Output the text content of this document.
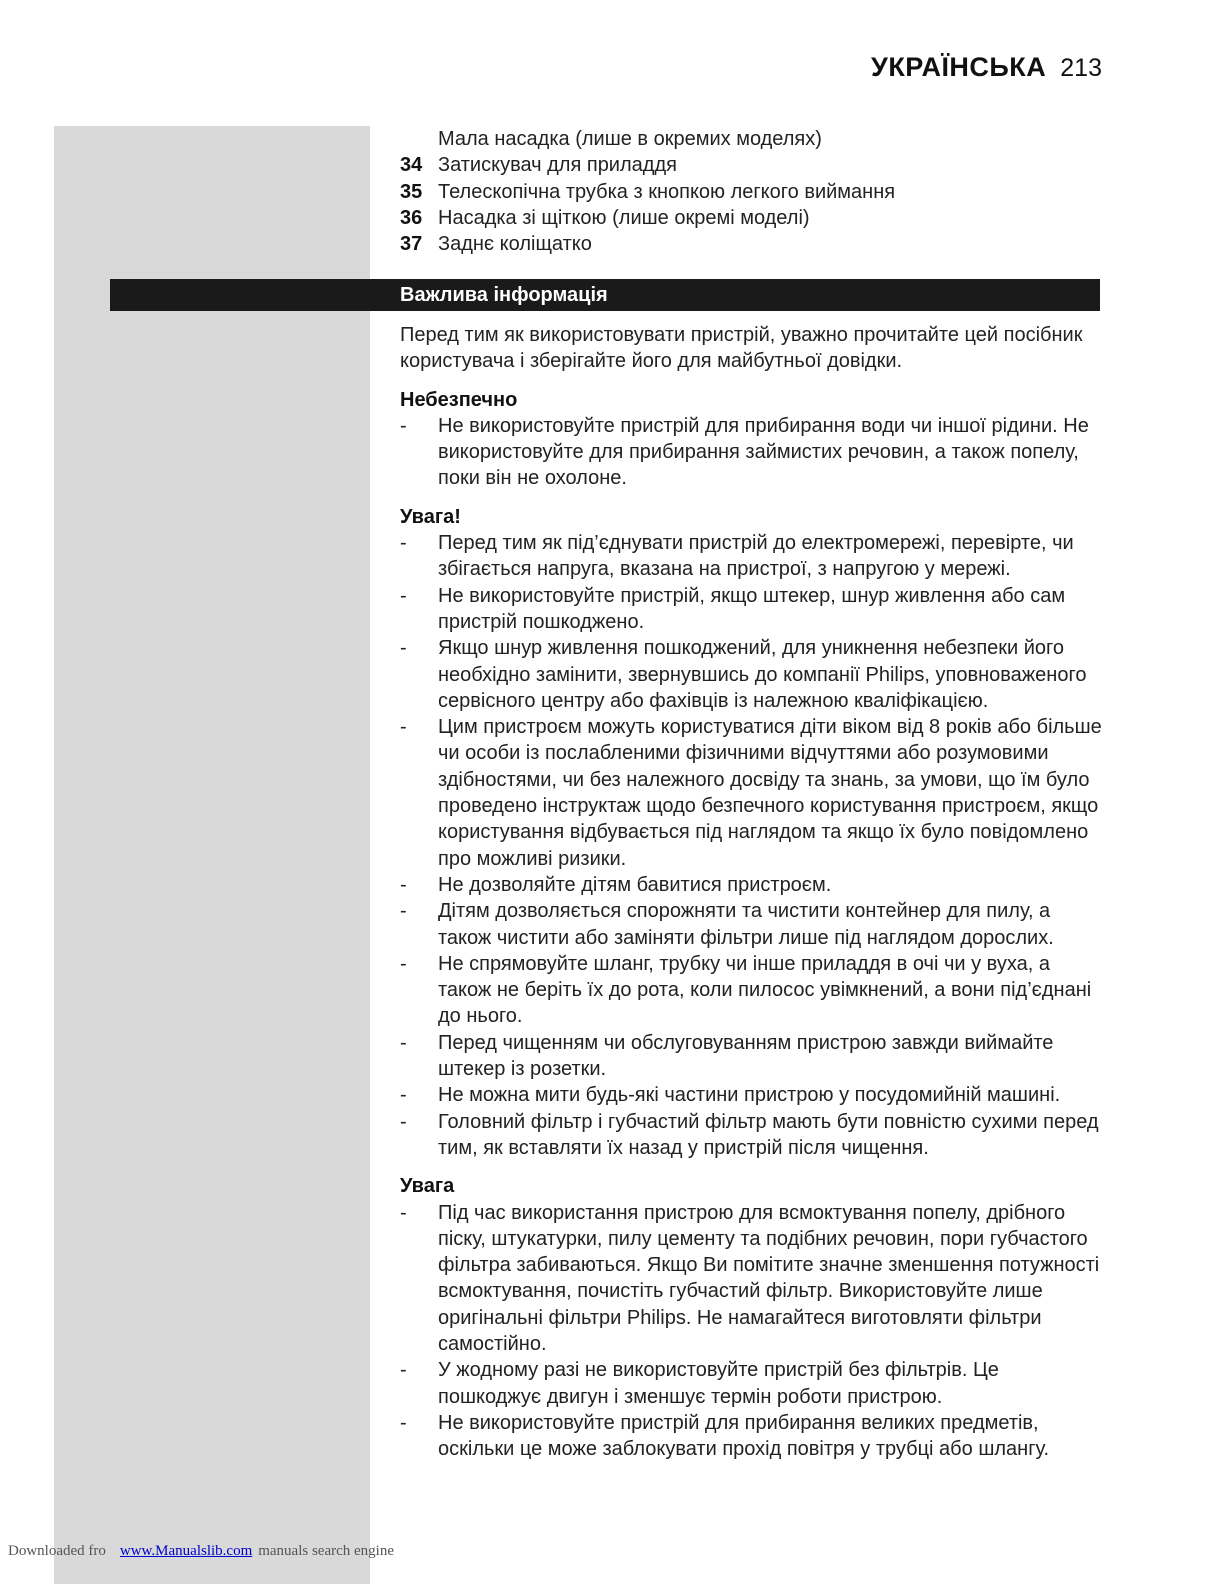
УКРАЇНСЬКА 213
Мала насадка (лише в окремих моделях)
34 Затискувач для приладдя
35 Телескопічна трубка з кнопкою легкого виймання
36 Насадка зі щіткою (лише окремі моделі)
37 Заднє коліщатко
Важлива інформація

Перед тим як використовувати пристрій, уважно прочитайте цей посібник користувача і зберігайте його для майбутньої довідки.

Небезпечно
-	Не використовуйте пристрій для прибирання води чи іншої рідини. Не використовуйте для прибирання займистих речовин, а також попелу, поки він не охолоне.
Увага!
-	Перед тим як під’єднувати пристрій до електромережі, перевірте, чи збігається напруга, вказана на пристрої, з напругою у мережі.
-	Не використовуйте пристрій, якщо штекер, шнур живлення або сам пристрій пошкоджено.
-	Якщо шнур живлення пошкоджений, для уникнення небезпеки його необхідно замінити, звернувшись до компанії Philips, уповноваженого сервісного центру або фахівців із належною кваліфікацією.
-	Цим пристроєм можуть користуватися діти віком від 8 років або більше чи особи із послабленими фізичними відчуттями або розумовими здібностями, чи без належного досвіду та знань, за умови, що їм було проведено інструктаж щодо безпечного користування пристроєм, якщо користування відбувається під наглядом та якщо їх було повідомлено про можливі ризики.
-	Не дозволяйте дітям бавитися пристроєм.
-	Дітям дозволяється спорожняти та чистити контейнер для пилу, а також чистити або заміняти фільтри лише під наглядом дорослих.
-	Не спрямовуйте шланг, трубку чи інше приладдя в очі чи у вуха, а також не беріть їх до рота, коли пилосос увімкнений, а вони під’єднані до нього.
-	Перед чищенням чи обслуговуванням пристрою завжди виймайте штекер із розетки.
-	Не можна мити будь-які частини пристрою у посудомийній машині.
-	Головний фільтр і губчастий фільтр мають бути повністю сухими перед тим, як вставляти їх назад у пристрій після чищення.
Увага
-	Під час використання пристрою для всмоктування попелу, дрібного піску, штукатурки, пилу цементу та подібних речовин, пори губчастого фільтра забиваються. Якщо Ви помітите значне зменшення потужності всмоктування, почистіть губчастий фільтр. Використовуйте лише оригінальні фільтри Philips. Не намагайтеся виготовляти фільтри самостійно.
-	У жодному разі не використовуйте пристрій без фільтрів. Це пошкоджує двигун і зменшує термін роботи пристрою.
-	Не використовуйте пристрій для прибирання великих предметів, оскільки це може заблокувати прохід повітря у трубці або шлангу.
Downloaded fro www.Manualslib.com manuals search engine
